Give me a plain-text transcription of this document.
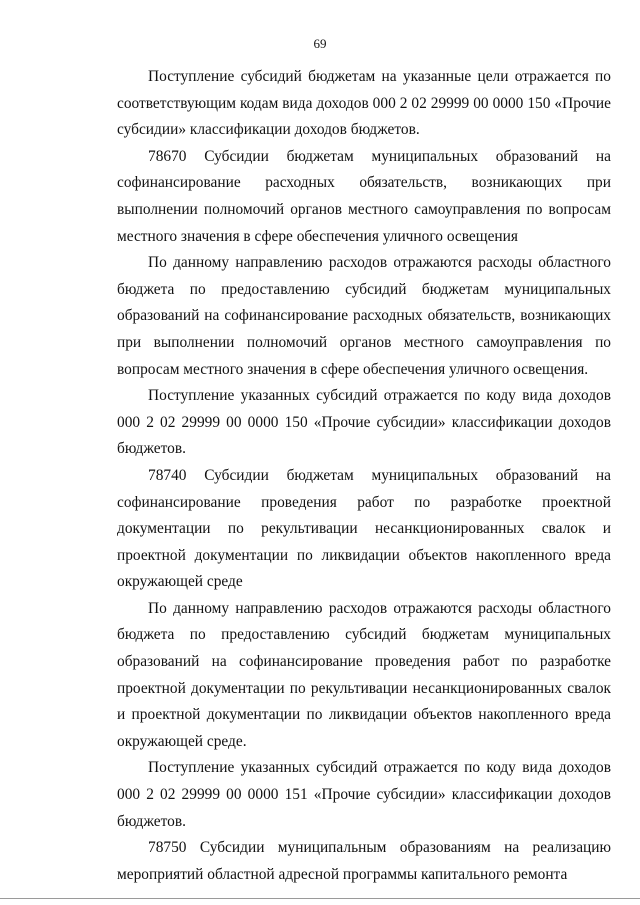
69

Поступление субсидий бюджетам на указанные цели отражается по соответствующим кодам вида доходов 000 2 02 29999 00 0000 150 «Прочие субсидии» классификации доходов бюджетов.

78670 Субсидии бюджетам муниципальных образований на софинансирование расходных обязательств, возникающих при выполнении полномочий органов местного самоуправления по вопросам местного значения в сфере обеспечения уличного освещения

По данному направлению расходов отражаются расходы областного бюджета по предоставлению субсидий бюджетам муниципальных образований на софинансирование расходных обязательств, возникающих при выполнении полномочий органов местного самоуправления по вопросам местного значения в сфере обеспечения уличного освещения.

Поступление указанных субсидий отражается по коду вида доходов 000 2 02 29999 00 0000 150 «Прочие субсидии» классификации доходов бюджетов.

78740 Субсидии бюджетам муниципальных образований на софинансирование проведения работ по разработке проектной документации по рекультивации несанкционированных свалок и проектной документации по ликвидации объектов накопленного вреда окружающей среде

По данному направлению расходов отражаются расходы областного бюджета по предоставлению субсидий бюджетам муниципальных образований на софинансирование проведения работ по разработке проектной документации по рекультивации несанкционированных свалок и проектной документации по ликвидации объектов накопленного вреда окружающей среде.

Поступление указанных субсидий отражается по коду вида доходов 000 2 02 29999 00 0000 151 «Прочие субсидии» классификации доходов бюджетов.

78750 Субсидии муниципальным образованиям на реализацию мероприятий областной адресной программы капитального ремонта
